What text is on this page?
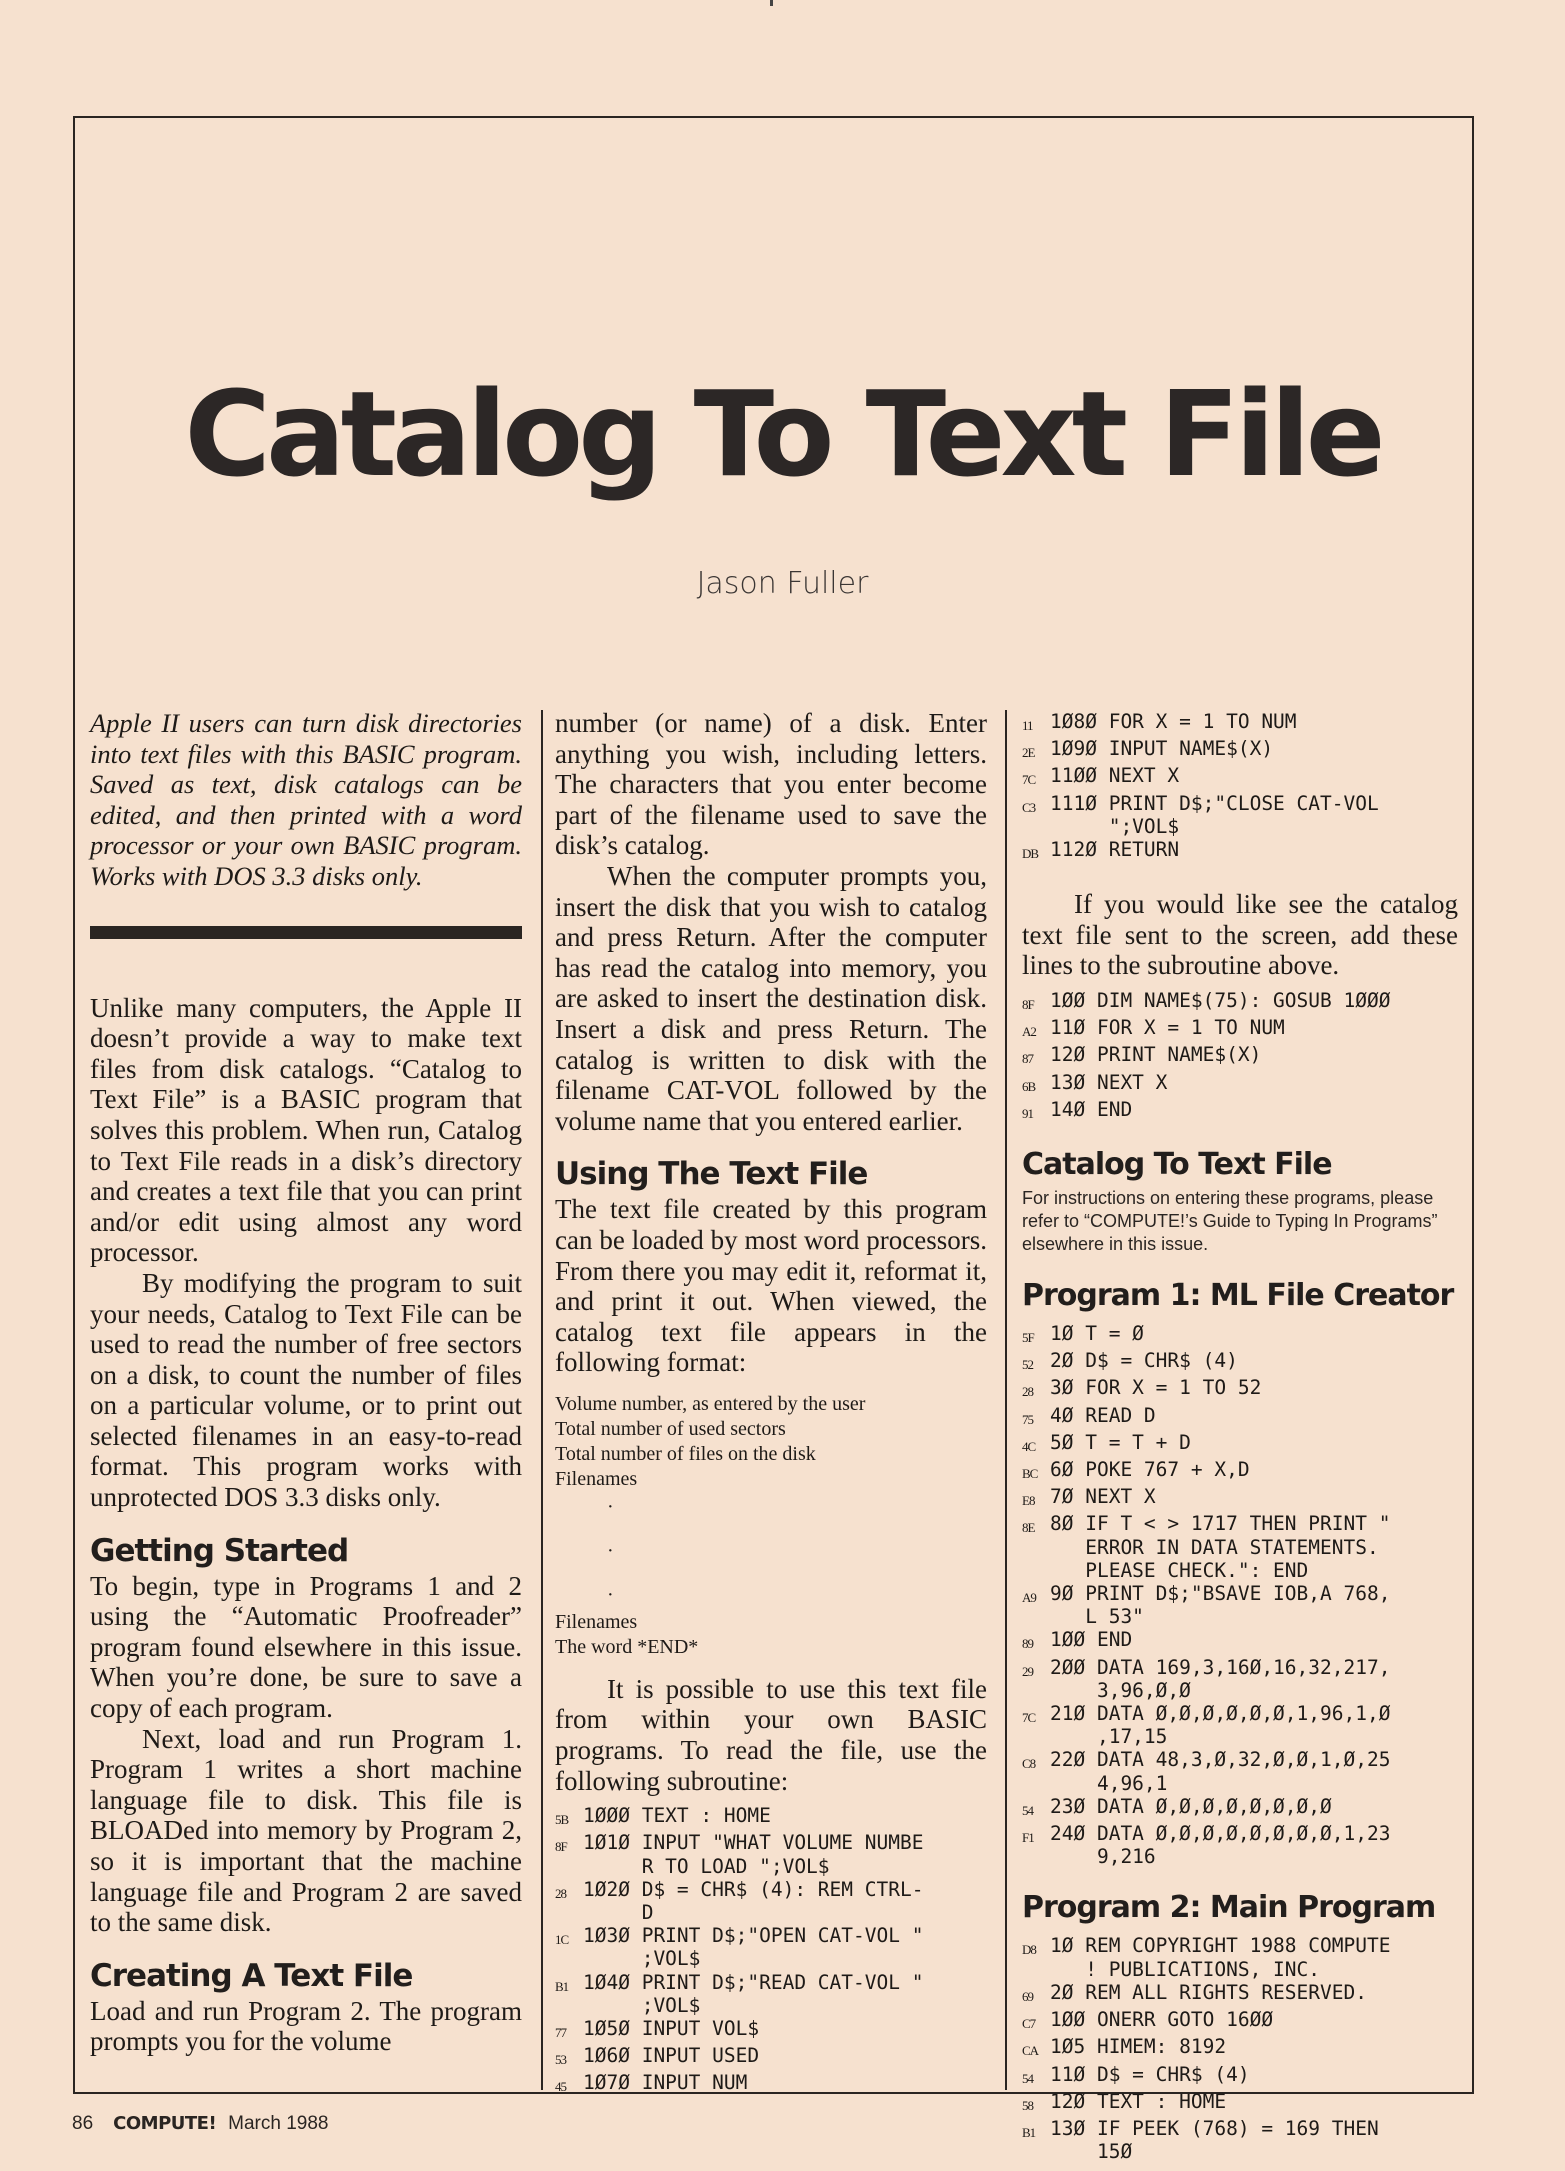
Catalog To Text File
Jason Fuller

Apple II users can turn disk directories into text files with this BASIC program. Saved as text, disk catalogs can be edited, and then printed with a word processor or your own BASIC program. Works with DOS 3.3 disks only.

Unlike many computers, the Apple II doesn’t provide a way to make text files from disk catalogs. “Catalog to Text File” is a BASIC program that solves this problem. When run, Catalog to Text File reads in a disk’s directory and creates a text file that you can print and/or edit using almost any word processor.

By modifying the program to suit your needs, Catalog to Text File can be used to read the number of free sectors on a disk, to count the number of files on a particular volume, or to print out selected filenames in an easy-to-read format. This program works with unprotected DOS 3.3 disks only.

Getting Started

To begin, type in Programs 1 and 2 using the “Automatic Proofreader” program found elsewhere in this issue. When you’re done, be sure to save a copy of each program.

Next, load and run Program 1. Program 1 writes a short machine language file to disk. This file is BLOADed into memory by Program 2, so it is important that the machine language file and Program 2 are saved to the same disk.

Creating A Text File

Load and run Program 2. The program prompts you for the volume

number (or name) of a disk. Enter anything you wish, including letters. The characters that you enter become part of the filename used to save the disk’s catalog.

When the computer prompts you, insert the disk that you wish to catalog and press Return. After the computer has read the catalog into memory, you are asked to insert the destination disk. Insert a disk and press Return. The catalog is written to disk with the filename CAT-VOL followed by the volume name that you entered earlier.

Using The Text File

The text file created by this program can be loaded by most word processors. From there you may edit it, reformat it, and print it out. When viewed, the catalog text file appears in the following format:

Volume number, as entered by the user
Total number of used sectors
Total number of files on the disk
Filenames
·

·

·
Filenames
The word *END*

It is possible to use this text file from within your own BASIC programs. To read the file, use the following subroutine:

5B 1ØØØ TEXT : HOME
8F 1Ø1Ø INPUT "WHAT VOLUME NUMBE
R TO LOAD ";VOL$
28 1Ø2Ø D$ = CHR$ (4): REM CTRL-
D
1C 1Ø3Ø PRINT D$;"OPEN CAT-VOL "
;VOL$
B1 1Ø4Ø PRINT D$;"READ CAT-VOL "
;VOL$
77 1Ø5Ø INPUT VOL$
53 1Ø6Ø INPUT USED
45 1Ø7Ø INPUT NUM
11 1Ø8Ø FOR X = 1 TO NUM
2E 1Ø9Ø INPUT NAME$(X)
7C 11ØØ NEXT X
C3 111Ø PRINT D$;"CLOSE CAT-VOL
";VOL$
DB 112Ø RETURN

If you would like see the catalog text file sent to the screen, add these lines to the subroutine above.

8F 1ØØ DIM NAME$(75): GOSUB 1ØØØ
A2 11Ø FOR X = 1 TO NUM
87 12Ø PRINT NAME$(X)
6B 13Ø NEXT X
91 14Ø END
Catalog To Text File
For instructions on entering these programs, please refer to “COMPUTE!’s Guide to Typing In Programs” elsewhere in this issue.
Program 1: ML File Creator
5F 1Ø T = Ø
52 2Ø D$ = CHR$ (4)
28 3Ø FOR X = 1 TO 52
75 4Ø READ D
4C 5Ø T = T + D
BC 6Ø POKE 767 + X,D
E8 7Ø NEXT X
8E 8Ø IF T < > 1717 THEN PRINT "
ERROR IN DATA STATEMENTS.
PLEASE CHECK.": END
A9 9Ø PRINT D$;"BSAVE IOB,A 768,
L 53"
89 1ØØ END
29 2ØØ DATA 169,3,16Ø,16,32,217,
3,96,Ø,Ø
7C 21Ø DATA Ø,Ø,Ø,Ø,Ø,Ø,1,96,1,Ø
,17,15
C8 22Ø DATA 48,3,Ø,32,Ø,Ø,1,Ø,25
4,96,1
54 23Ø DATA Ø,Ø,Ø,Ø,Ø,Ø,Ø,Ø
F1 24Ø DATA Ø,Ø,Ø,Ø,Ø,Ø,Ø,Ø,1,23
9,216
Program 2: Main Program
D8 1Ø REM COPYRIGHT 1988 COMPUTE
! PUBLICATIONS, INC.
69 2Ø REM ALL RIGHTS RESERVED.
C7 1ØØ ONERR GOTO 16ØØ
CA 1Ø5 HIMEM: 8192
54 11Ø D$ = CHR$ (4)
58 12Ø TEXT : HOME
B1 13Ø IF PEEK (768) = 169 THEN
15Ø
86 COMPUTE! March 1988
